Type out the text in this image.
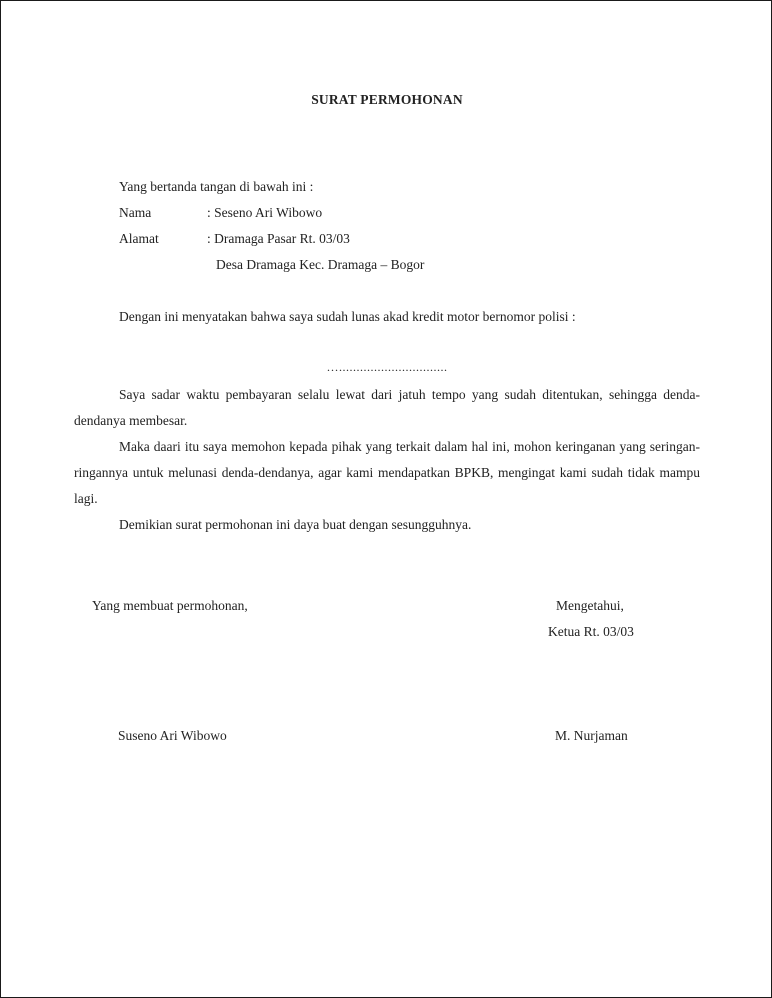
SURAT PERMOHONAN
Yang bertanda tangan di bawah ini :
Nama	: Seseno Ari Wibowo
Alamat	: Dramaga Pasar Rt. 03/03
Desa Dramaga Kec. Dramaga – Bogor
Dengan ini menyatakan bahwa saya sudah lunas akad kredit motor bernomor polisi :
…...............................
Saya sadar waktu pembayaran selalu lewat dari jatuh tempo yang sudah ditentukan, sehingga denda-dendanya membesar.
Maka daari itu saya memohon kepada pihak yang terkait dalam hal ini, mohon keringanan yang seringan-ringannya untuk melunasi denda-dendanya, agar kami mendapatkan BPKB, mengingat kami sudah tidak mampu lagi.
Demikian surat permohonan ini daya buat dengan sesungguhnya.
Yang membuat permohonan,	Mengetahui,
Ketua Rt. 03/03
Suseno Ari Wibowo	M. Nurjaman
